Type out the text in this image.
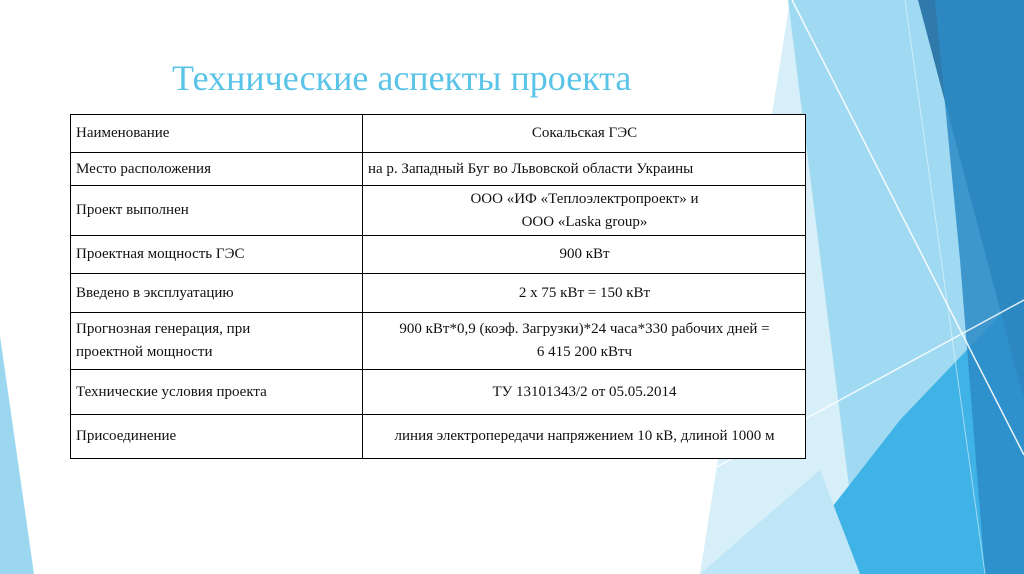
Технические аспекты проекта
Наименование	Сокальская ГЭС

Место расположения	на р. Западный Буг во Львовской области Украины

Проект выполнен	ООО «ИФ «Теплоэлектропроект» и
ООО «Laska group»

Проектная мощность ГЭС	900 кВт

Введено в эксплуатацию	2 х 75 кВт = 150 кВт

Прогнозная генерация, при
проектной мощности	900 кВт*0,9 (коэф. Загрузки)*24 часа*330 рабочих дней =
6 415 200 кВтч

Технические условия проекта	ТУ 13101343/2 от 05.05.2014

Присоединение	линия электропередачи напряжением 10 кВ, длиной 1000 м
